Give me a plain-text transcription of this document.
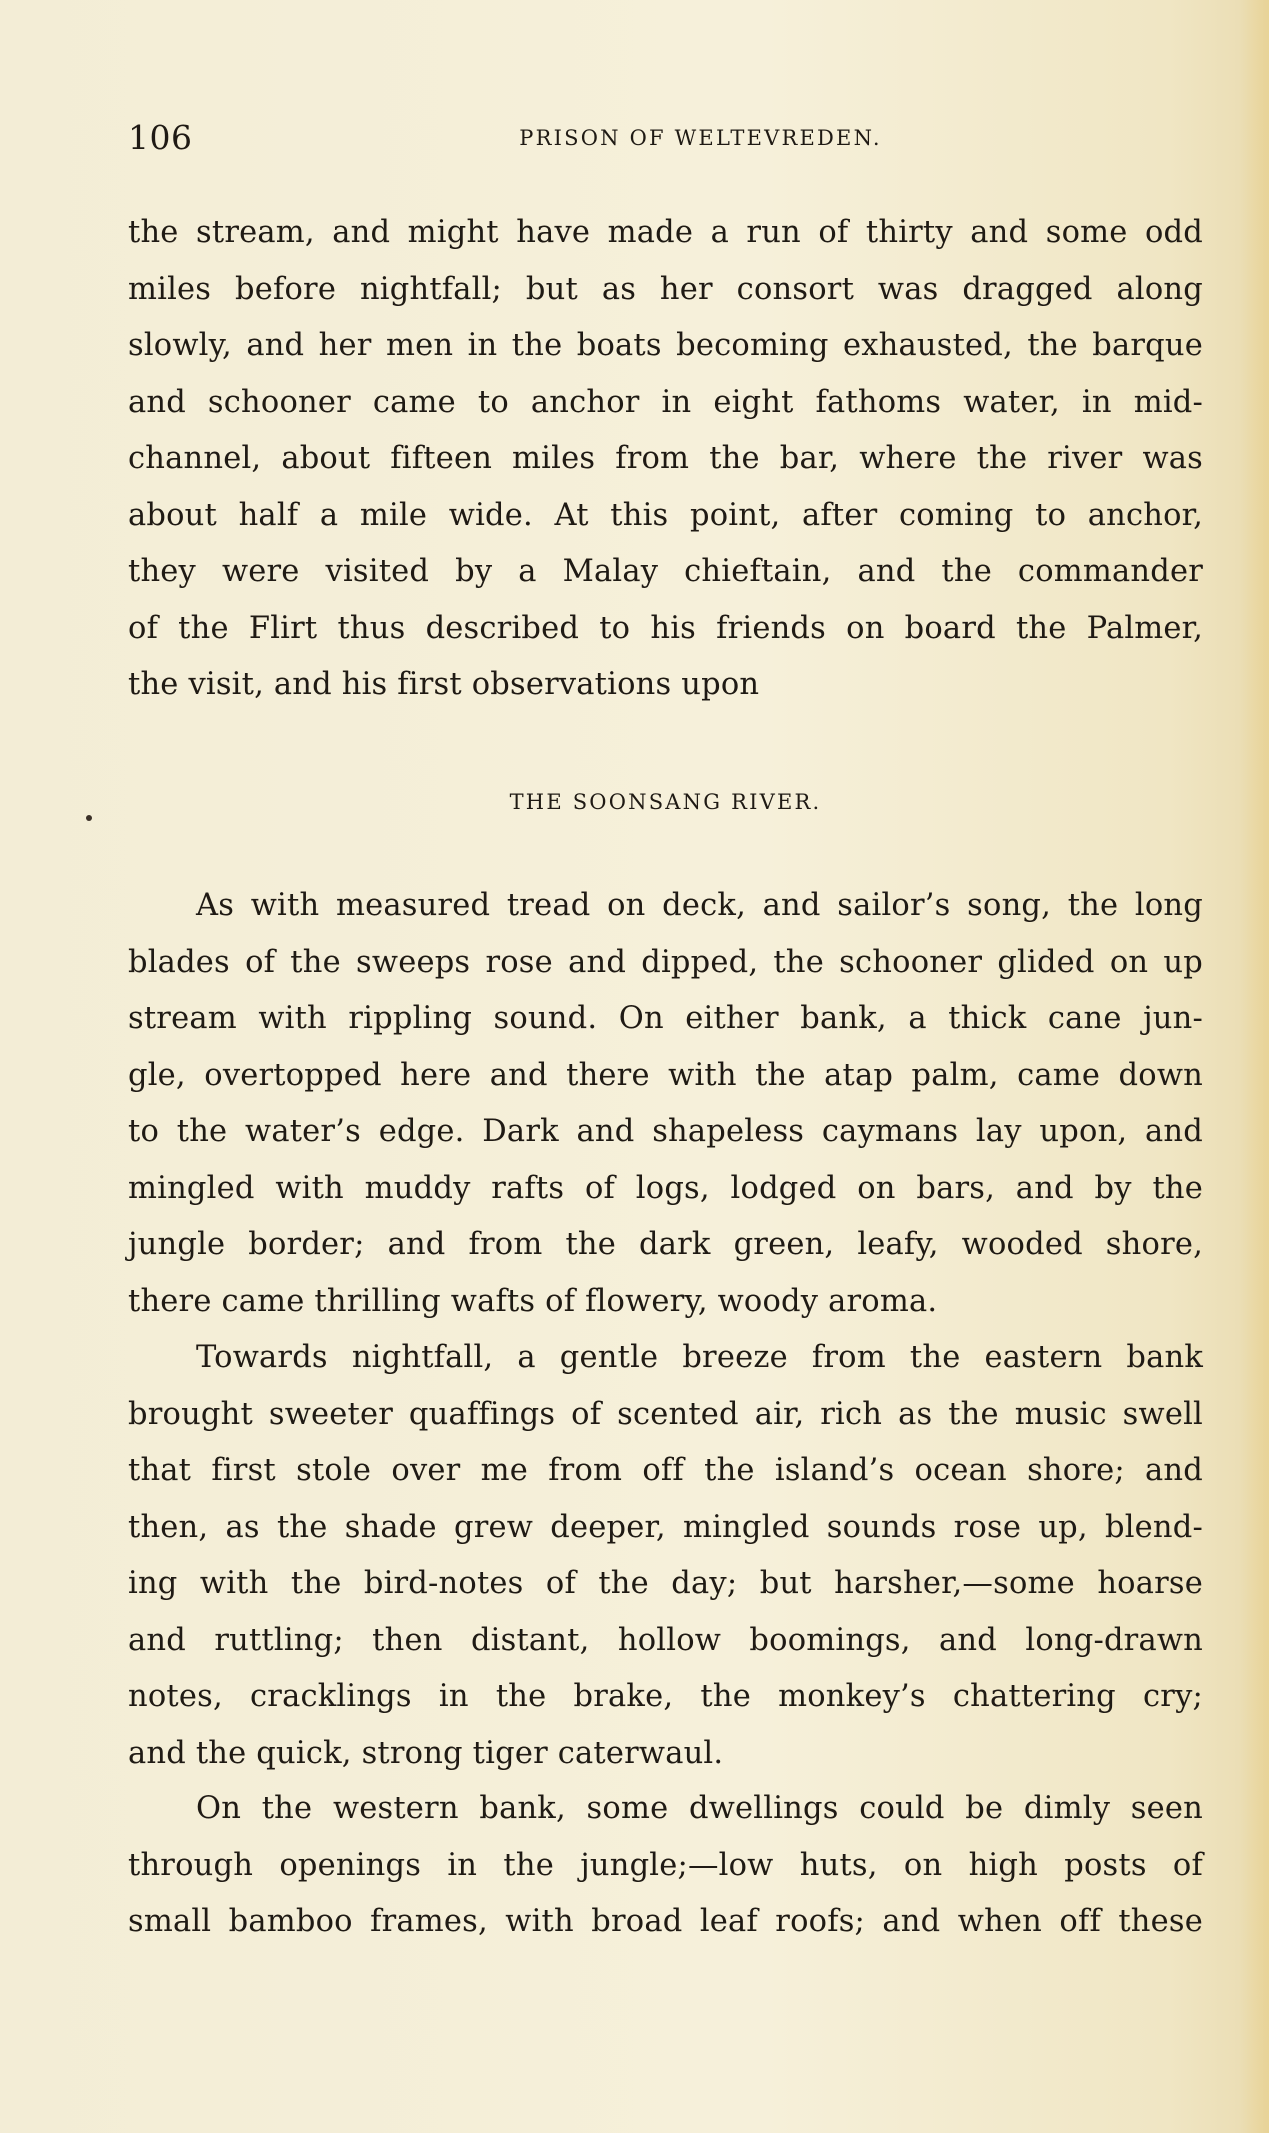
106	PRISON OF WELTEVREDEN.
the stream, and might have made a run of thirty and some odd
miles before nightfall; but as her consort was dragged along
slowly, and her men in the boats becoming exhausted, the barque
and schooner came to anchor in eight fathoms water, in mid-
channel, about fifteen miles from the bar, where the river was
about half a mile wide. At this point, after coming to anchor,
they were visited by a Malay chieftain, and the commander
of the Flirt thus described to his friends on board the Palmer,
the visit, and his first observations upon
THE SOONSANG RIVER.
As with measured tread on deck, and sailor’s song, the long
blades of the sweeps rose and dipped, the schooner glided on up
stream with rippling sound. On either bank, a thick cane jun-
gle, overtopped here and there with the atap palm, came down
to the water’s edge. Dark and shapeless caymans lay upon, and
mingled with muddy rafts of logs, lodged on bars, and by the
jungle border; and from the dark green, leafy, wooded shore,
there came thrilling wafts of flowery, woody aroma.
Towards nightfall, a gentle breeze from the eastern bank
brought sweeter quaffings of scented air, rich as the music swell
that first stole over me from off the island’s ocean shore; and
then, as the shade grew deeper, mingled sounds rose up, blend-
ing with the bird-notes of the day; but harsher,—some hoarse
and ruttling; then distant, hollow boomings, and long-drawn
notes, cracklings in the brake, the monkey’s chattering cry;
and the quick, strong tiger caterwaul.
On the western bank, some dwellings could be dimly seen
through openings in the jungle;—low huts, on high posts of
small bamboo frames, with broad leaf roofs; and when off these
